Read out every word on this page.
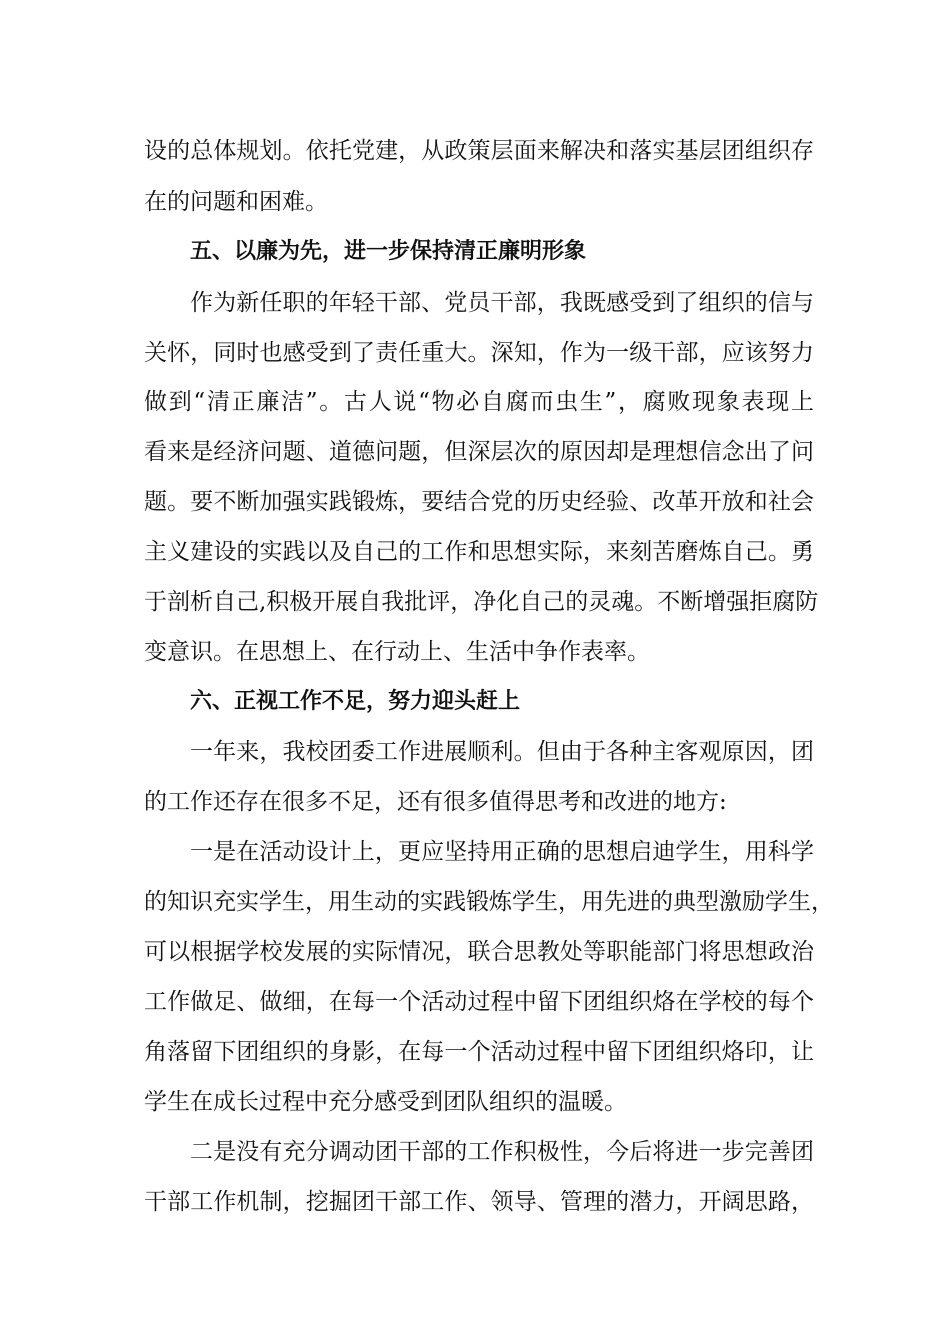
设的总体规划。依托党建，从政策层面来解决和落实基层团组织存
在的问题和困难。
五、以廉为先，进一步保持清正廉明形象
作为新任职的年轻干部、党员干部，我既感受到了组织的信与
关怀，同时也感受到了责任重大。深知，作为一级干部，应该努力
做到“清正廉洁”。古人说“物必自腐而虫生”，腐败现象表现上
看来是经济问题、道德问题，但深层次的原因却是理想信念出了问
题。要不断加强实践锻炼，要结合党的历史经验、改革开放和社会
主义建设的实践以及自己的工作和思想实际，来刻苦磨炼自己。勇
于剖析自己,积极开展自我批评，净化自己的灵魂。不断增强拒腐防
变意识。在思想上、在行动上、生活中争作表率。
六、正视工作不足，努力迎头赶上
一年来，我校团委工作进展顺利。但由于各种主客观原因，团
的工作还存在很多不足，还有很多值得思考和改进的地方:
一是在活动设计上，更应坚持用正确的思想启迪学生，用科学
的知识充实学生，用生动的实践锻炼学生，用先进的典型激励学生，
可以根据学校发展的实际情况，联合思教处等职能部门将思想政治
工作做足、做细，在每一个活动过程中留下团组织烙在学校的每个
角落留下团组织的身影，在每一个活动过程中留下团组织烙印，让
学生在成长过程中充分感受到团队组织的温暖。
二是没有充分调动团干部的工作积极性，今后将进一步完善团
干部工作机制，挖掘团干部工作、领导、管理的潜力，开阔思路，
